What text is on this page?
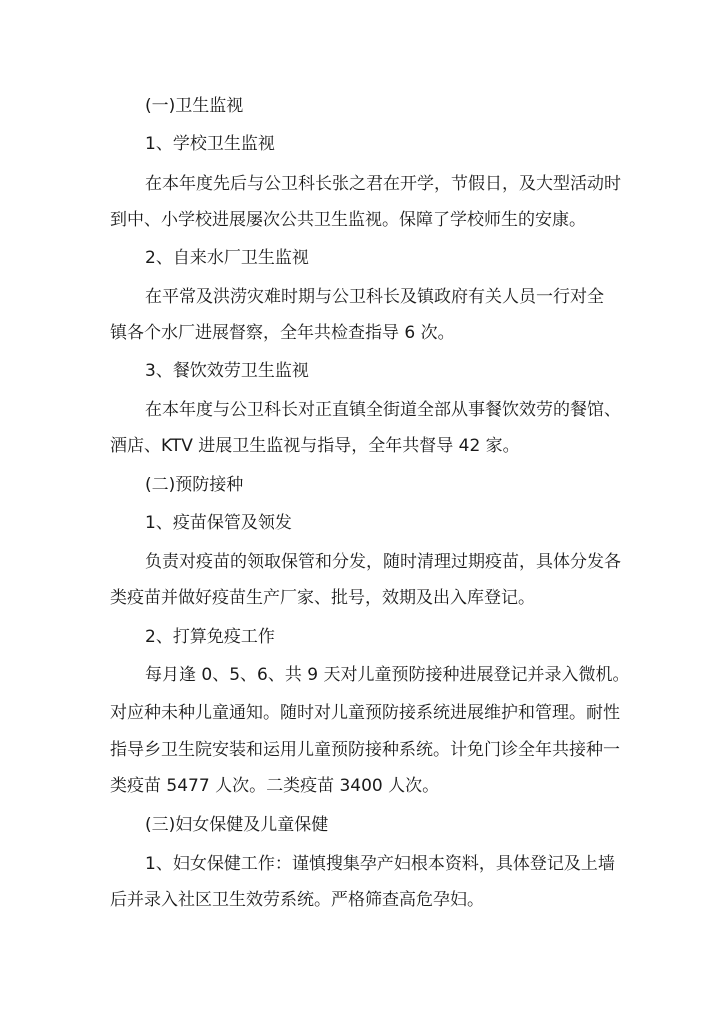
(一)卫生监视
1、学校卫生监视
在本年度先后与公卫科长张之君在开学，节假日，及大型活动时
到中、小学校进展屡次公共卫生监视。保障了学校师生的安康。
2、自来水厂卫生监视
在平常及洪涝灾难时期与公卫科长及镇政府有关人员一行对全
镇各个水厂进展督察，全年共检查指导 6 次。
3、餐饮效劳卫生监视
在本年度与公卫科长对正直镇全街道全部从事餐饮效劳的餐馆、
酒店、KTV 进展卫生监视与指导，全年共督导 42 家。
(二)预防接种
1、疫苗保管及领发
负责对疫苗的领取保管和分发，随时清理过期疫苗，具体分发各
类疫苗并做好疫苗生产厂家、批号，效期及出入库登记。
2、打算免疫工作
每月逢 0、5、6、共 9 天对儿童预防接种进展登记并录入微机。
对应种未种儿童通知。随时对儿童预防接系统进展维护和管理。耐性
指导乡卫生院安装和运用儿童预防接种系统。计免门诊全年共接种一
类疫苗 5477 人次。二类疫苗 3400 人次。
(三)妇女保健及儿童保健
1、妇女保健工作：谨慎搜集孕产妇根本资料，具体登记及上墙
后并录入社区卫生效劳系统。严格筛查高危孕妇。
